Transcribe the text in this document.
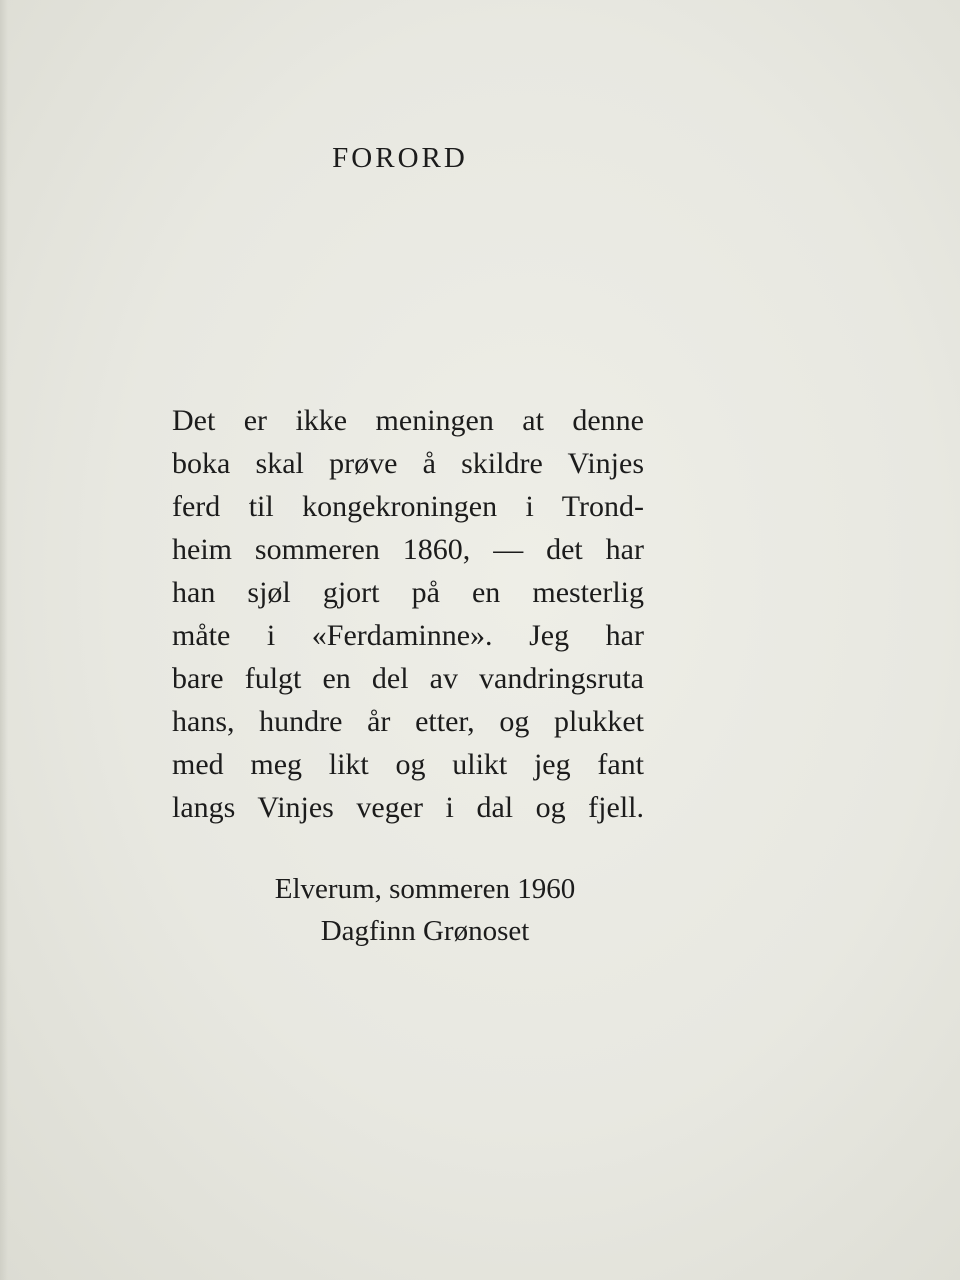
FORORD
Det er ikke meningen at denne
boka skal prøve å skildre Vinjes
ferd til kongekroningen i Trond-
heim sommeren 1860, — det har
han sjøl gjort på en mesterlig
måte i «Ferdaminne». Jeg har
bare fulgt en del av vandringsruta
hans, hundre år etter, og plukket
med meg likt og ulikt jeg fant
langs Vinjes veger i dal og fjell.
Elverum, sommeren 1960
Dagfinn Grønoset
